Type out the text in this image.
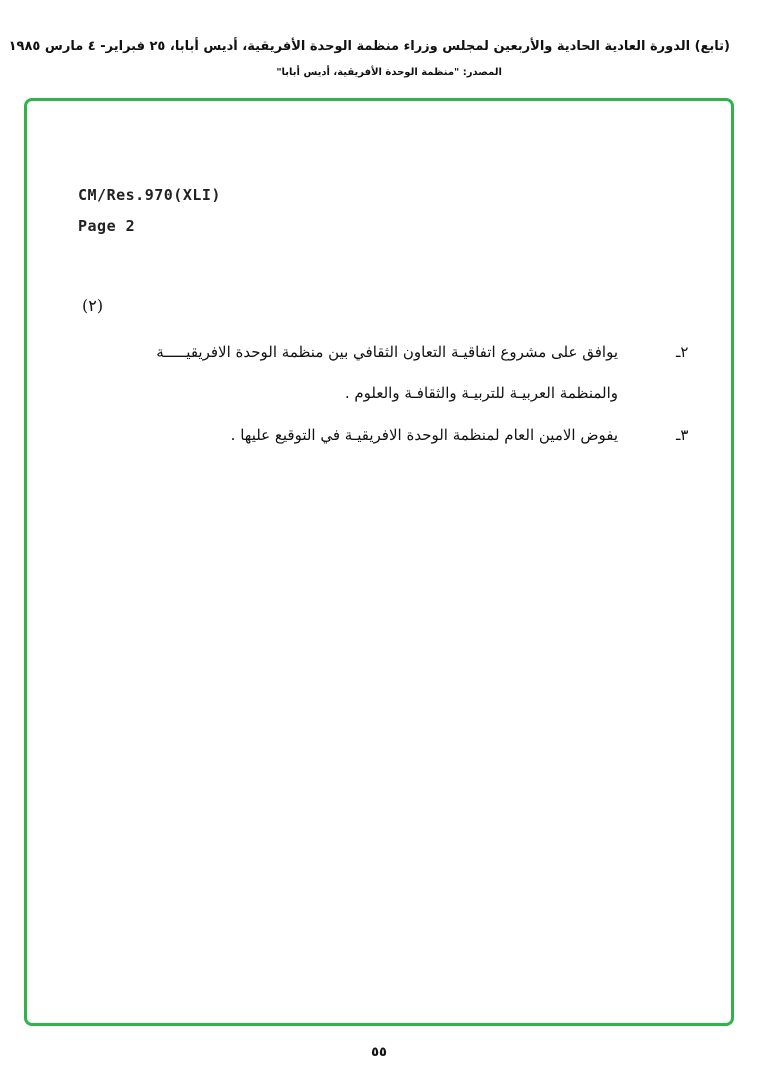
(تابع) الدورة العادية الحادية والأربعين لمجلس وزراء منظمة الوحدة الأفريقية، أديس أبابا، ٢٥ فبراير- ٤ مارس ١٩٨٥
المصدر: "منظمة الوحدة الأفريقية، أديس أبابا"
CM/Res.970(XLI)
Page 2
(٢)
٢ـ
يوافق على مشروع اتفاقيـة التعاون الثقافي بين منظمة الوحدة الافريقيـــــة
والمنظمة العربيـة للتربيـة والثقافـة والعلوم .
٣ـ
يفوض الامين العام لمنظمة الوحدة الافريقيـة في التوقيع عليها .
٥٥
